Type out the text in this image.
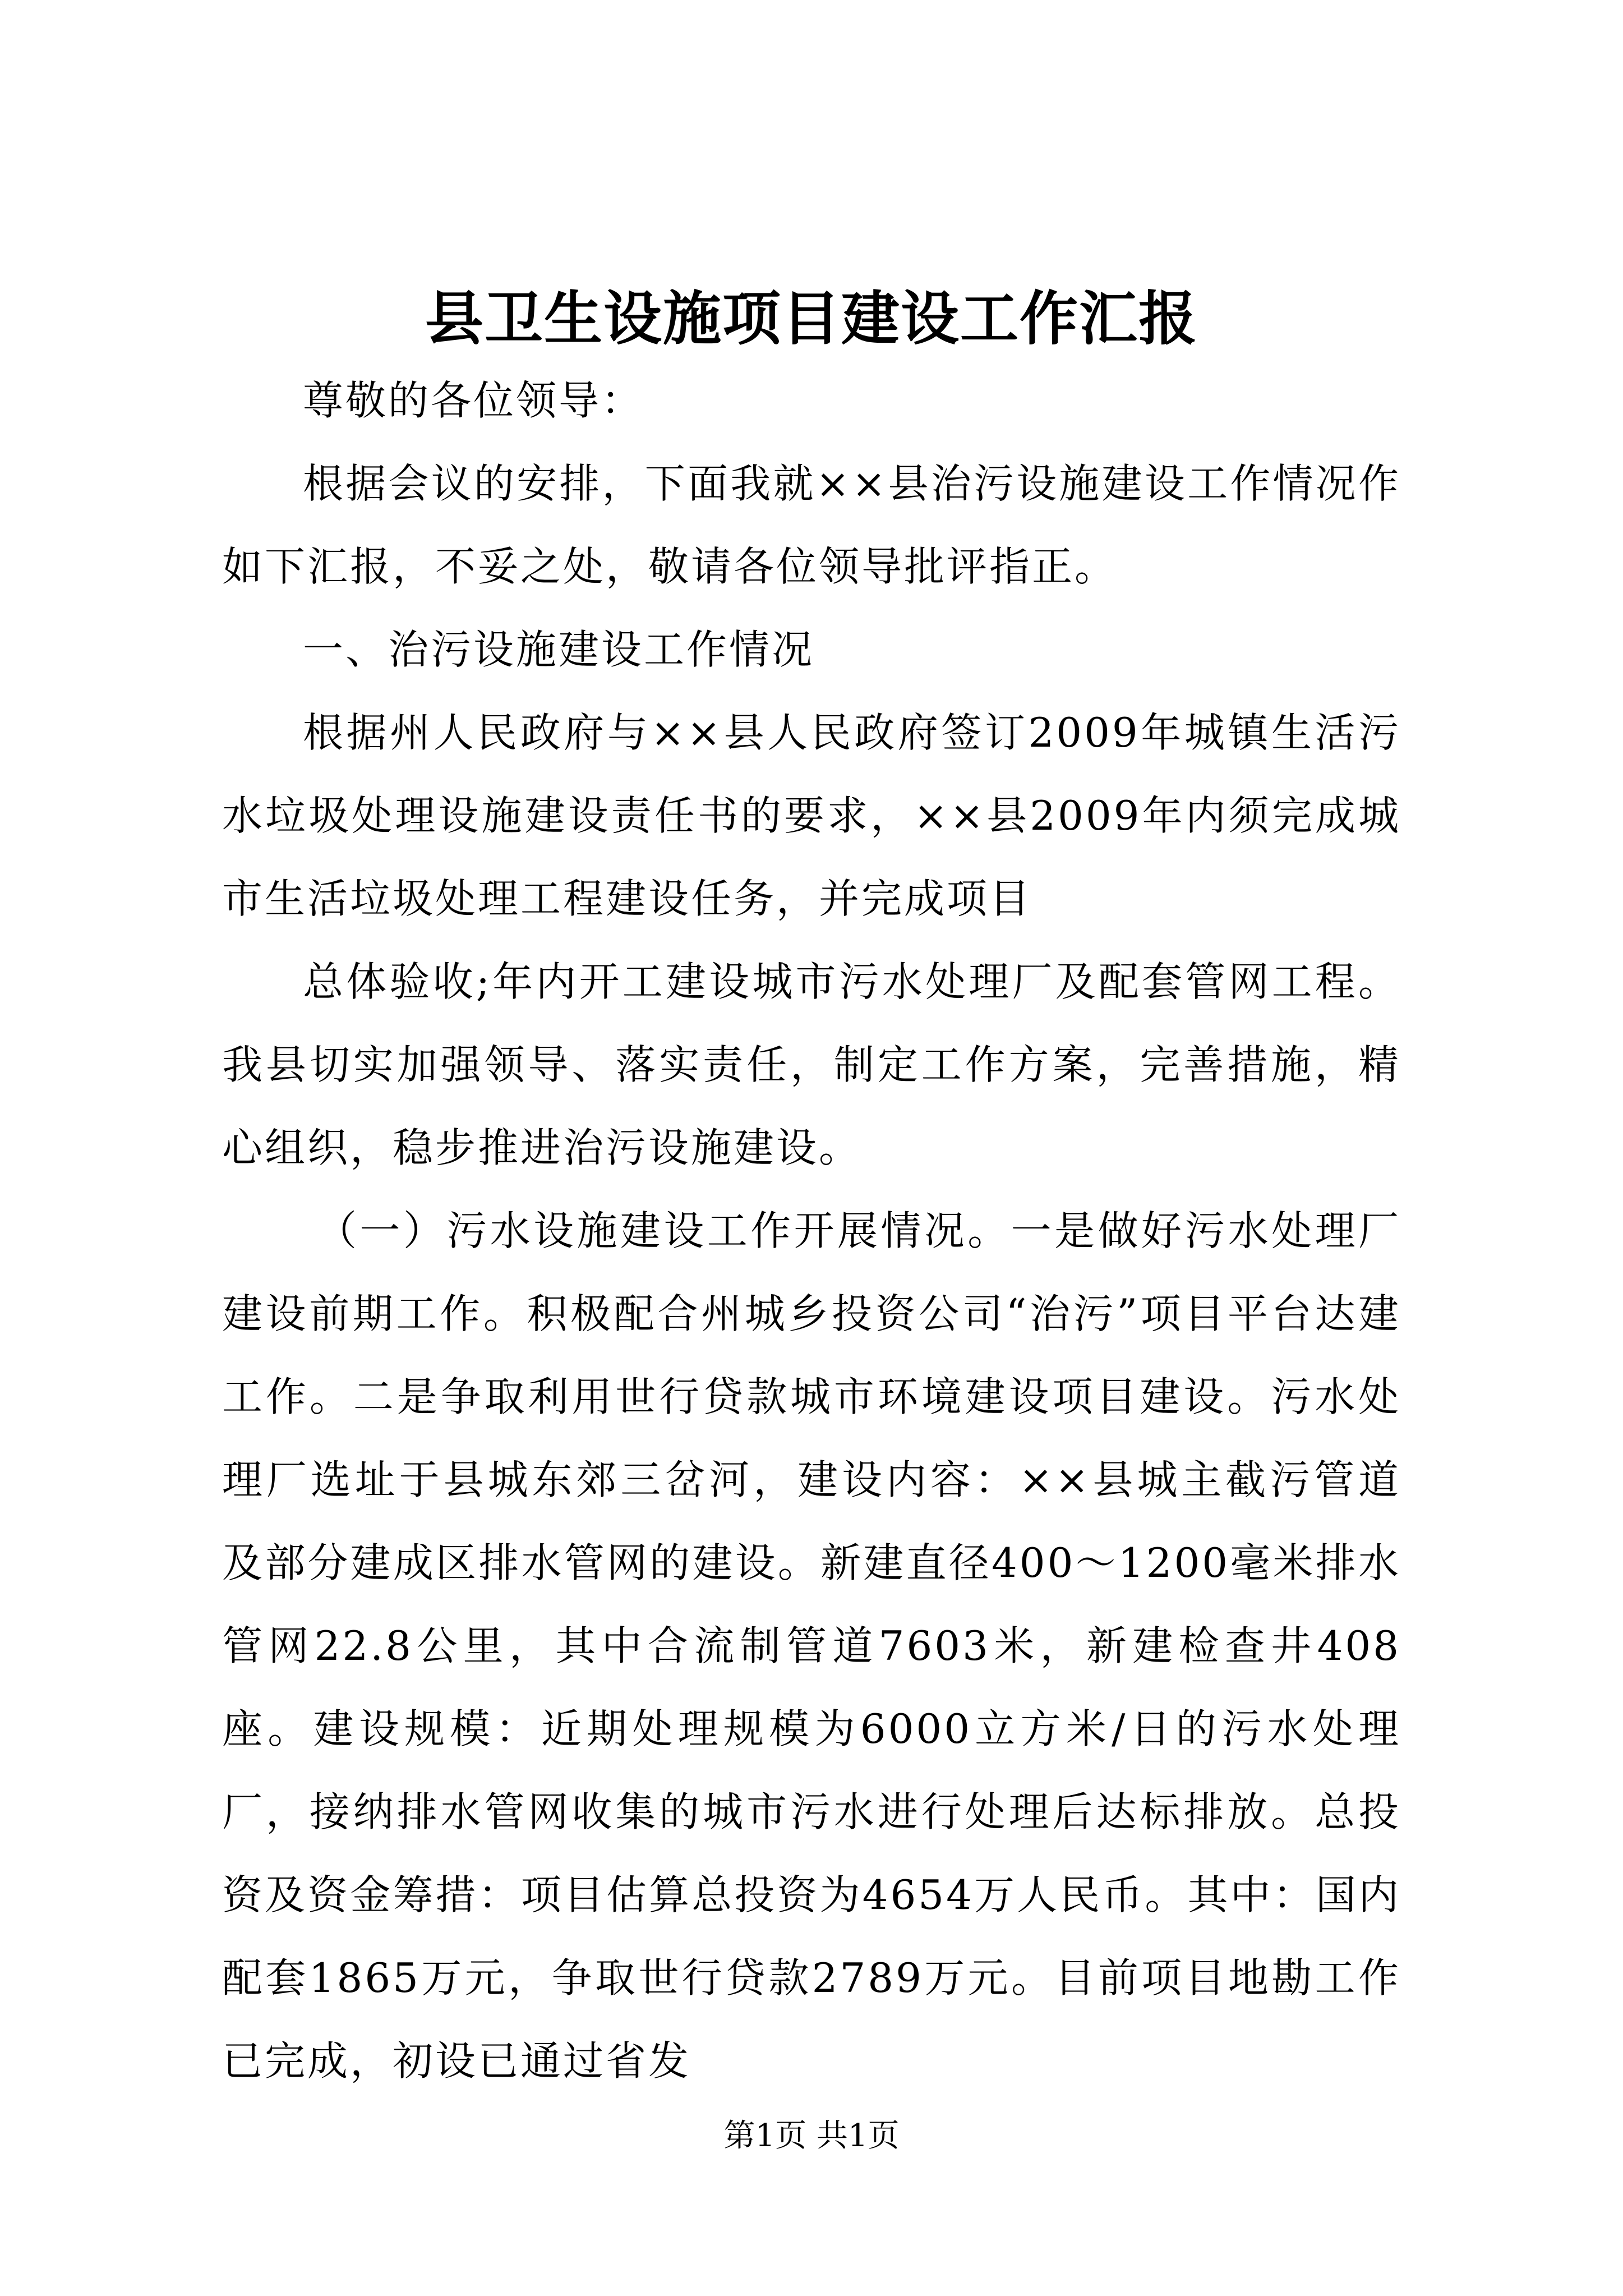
县卫生设施项目建设工作汇报

尊敬的各位领导：

根据会议的安排，下面我就××县治污设施建设工作情况作如下汇报，不妥之处，敬请各位领导批评指正。

一、治污设施建设工作情况

根据州人民政府与××县人民政府签订2009年城镇生活污水垃圾处理设施建设责任书的要求，××县2009年内须完成城市生活垃圾处理工程建设任务，并完成项目

总体验收;年内开工建设城市污水处理厂及配套管网工程。我县切实加强领导、落实责任，制定工作方案，完善措施，精心组织，稳步推进治污设施建设。

（一）污水设施建设工作开展情况。一是做好污水处理厂建设前期工作。积极配合州城乡投资公司“治污”项目平台达建工作。二是争取利用世行贷款城市环境建设项目建设。污水处理厂选址于县城东郊三岔河，建设内容：××县城主截污管道及部分建成区排水管网的建设。新建直径400～1200毫米排水管网22.8公里，其中合流制管道7603米，新建检查井408座。建设规模：近期处理规模为6000立方米/日的污水处理厂，接纳排水管网收集的城市污水进行处理后达标排放。总投资及资金筹措：项目估算总投资为4654万人民币。其中：国内配套1865万元，争取世行贷款2789万元。目前项目地勘工作已完成，初设已通过省发

第1页 共1页
